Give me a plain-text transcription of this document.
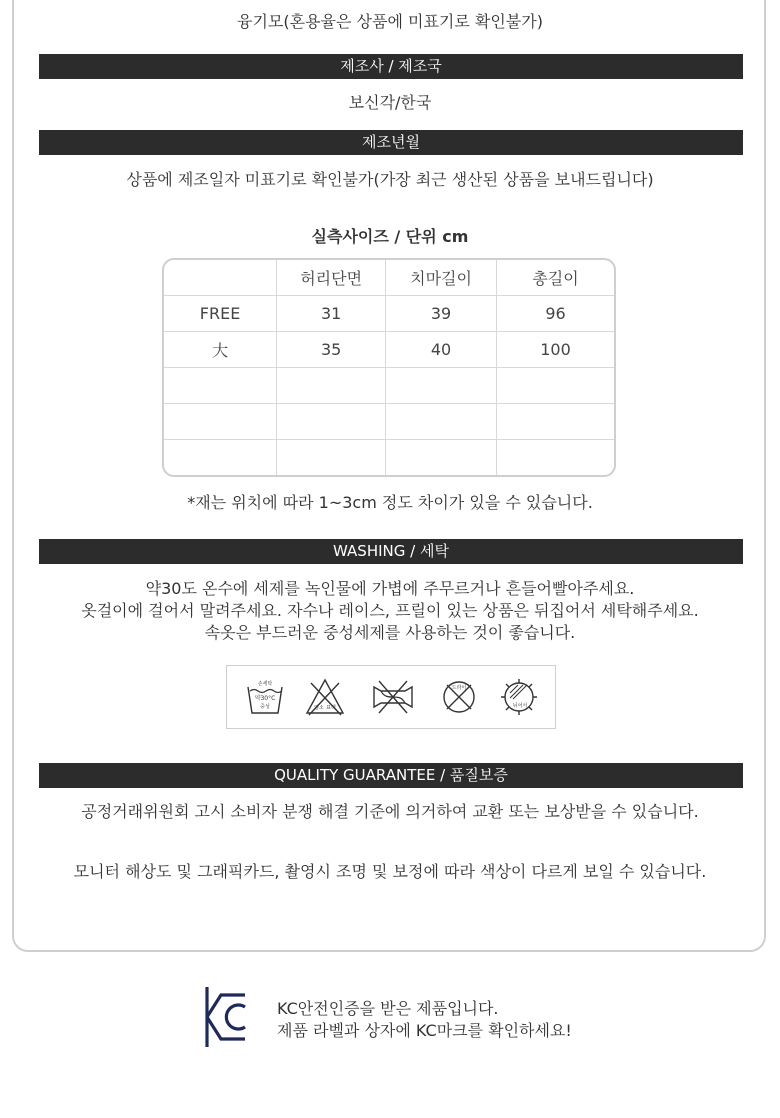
융기모(혼용율은 상품에 미표기로 확인불가)
제조사 / 제조국
보신각/한국
제조년월
상품에 제조일자 미표기로 확인불가(가장 최근 생산된 상품을 보내드립니다)
실측사이즈 / 단위 cm
	허리단면	치마길이	총길이
FREE	31	39	96
大	35	40	100

*재는 위치에 따라 1~3cm 정도 차이가 있을 수 있습니다.
WASHING / 세탁
약30도 온수에 세제를 녹인물에 가볍에 주무르거나 흔들어빨아주세요.
옷걸이에 걸어서 말려주세요. 자수나 레이스, 프릴이 있는 상품은 뒤집어서 세탁해주세요.
속옷은 부드러운 중성세제를 사용하는 것이 좋습니다.
손세탁
약30°C
중성	염소 표백
드라이
뉘어서
QUALITY GUARANTEE / 품질보증
공정거래위원회 고시 소비자 분쟁 해결 기준에 의거하여 교환 또는 보상받을 수 있습니다.
모니터 해상도 및 그래픽카드, 촬영시 조명 및 보정에 따라 색상이 다르게 보일 수 있습니다.
KC안전인증을 받은 제품입니다.
제품 라벨과 상자에 KC마크를 확인하세요!
